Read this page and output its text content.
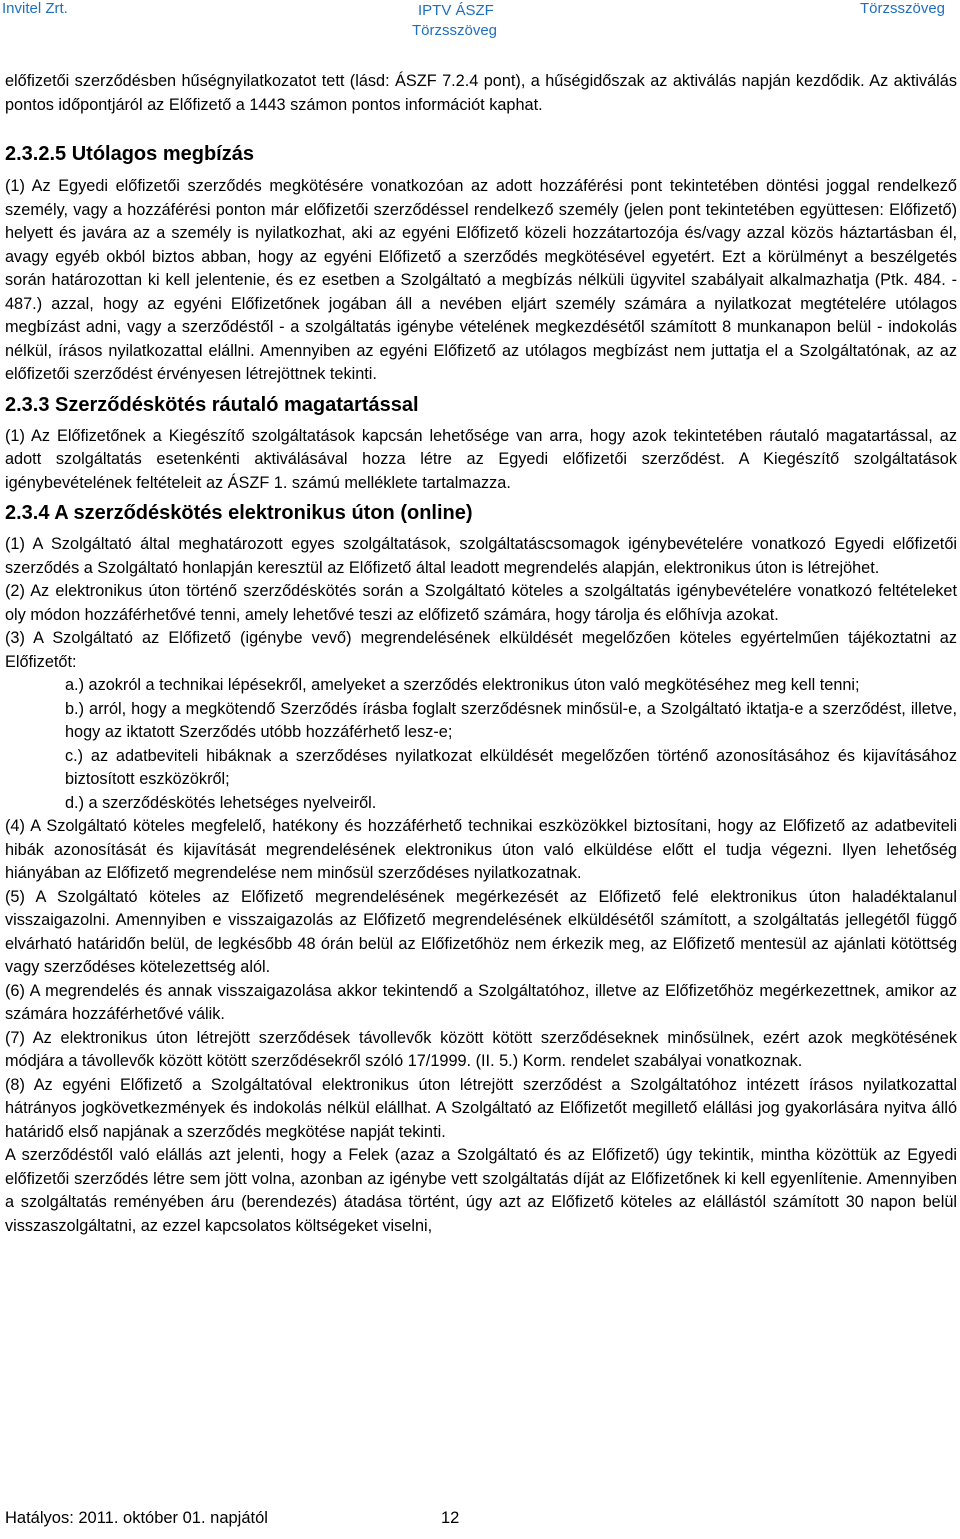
Invitel Zrt.	IPTV ÁSZF
Törzsszöveg
Törzsszöveg

előfizetői szerződésben hűségnyilatkozatot tett (lásd: ÁSZF 7.2.4 pont), a hűségidőszak az aktiválás napján kezdődik. Az aktiválás pontos időpontjáról az Előfizető a 1443 számon pontos információt kaphat.

2.3.2.5 Utólagos megbízás

(1) Az Egyedi előfizetői szerződés megkötésére vonatkozóan az adott hozzáférési pont tekintetében döntési joggal rendelkező személy, vagy a hozzáférési ponton már előfizetői szerződéssel rendelkező személy (jelen pont tekintetében együttesen: Előfizető) helyett és javára az a személy is nyilatkozhat, aki az egyéni Előfizető közeli hozzátartozója és/vagy azzal közös háztartásban él, avagy egyéb okból biztos abban, hogy az egyéni Előfizető a szerződés megkötésével egyetért. Ezt a körülményt a beszélgetés során határozottan ki kell jelentenie, és ez esetben a Szolgáltató a megbízás nélküli ügyvitel szabályait alkalmazhatja (Ptk. 484. - 487.) azzal, hogy az egyéni Előfizetőnek jogában áll a nevében eljárt személy számára a nyilatkozat megtételére utólagos megbízást adni, vagy a szerződéstől - a szolgáltatás igénybe vételének megkezdésétől számított 8 munkanapon belül - indokolás nélkül, írásos nyilatkozattal elállni. Amennyiben az egyéni Előfizető az utólagos megbízást nem juttatja el a Szolgáltatónak, az az előfizetői szerződést érvényesen létrejöttnek tekinti.

2.3.3 Szerződéskötés ráutaló magatartással

(1) Az Előfizetőnek a Kiegészítő szolgáltatások kapcsán lehetősége van arra, hogy azok tekintetében ráutaló magatartással, az adott szolgáltatás esetenkénti aktiválásával hozza létre az Egyedi előfizetői szerződést. A Kiegészítő szolgáltatások igénybevételének feltételeit az ÁSZF 1. számú melléklete tartalmazza.

2.3.4 A szerződéskötés elektronikus úton (online)

(1) A Szolgáltató által meghatározott egyes szolgáltatások, szolgáltatáscsomagok igénybevételére vonatkozó Egyedi előfizetői szerződés a Szolgáltató honlapján keresztül az Előfizető által leadott megrendelés alapján, elektronikus úton is létrejöhet.

(2) Az elektronikus úton történő szerződéskötés során a Szolgáltató köteles a szolgáltatás igénybevételére vonatkozó feltételeket oly módon hozzáférhetővé tenni, amely lehetővé teszi az előfizető számára, hogy tárolja és előhívja azokat.

(3) A Szolgáltató az Előfizető (igénybe vevő) megrendelésének elküldését megelőzően köteles egyértelműen tájékoztatni az Előfizetőt:

a.) azokról a technikai lépésekről, amelyeket a szerződés elektronikus úton való megkötéséhez meg kell tenni;

b.) arról, hogy a megkötendő Szerződés írásba foglalt szerződésnek minősül-e, a Szolgáltató iktatja-e a szerződést, illetve, hogy az iktatott Szerződés utóbb hozzáférhető lesz-e;

c.) az adatbeviteli hibáknak a szerződéses nyilatkozat elküldését megelőzően történő azonosításához és kijavításához biztosított eszközökről;

d.) a szerződéskötés lehetséges nyelveiről.

(4) A Szolgáltató köteles megfelelő, hatékony és hozzáférhető technikai eszközökkel biztosítani, hogy az Előfizető az adatbeviteli hibák azonosítását és kijavítását megrendelésének elektronikus úton való elküldése előtt el tudja végezni. Ilyen lehetőség hiányában az Előfizető megrendelése nem minősül szerződéses nyilatkozatnak.

(5) A Szolgáltató köteles az Előfizető megrendelésének megérkezését az Előfizető felé elektronikus úton haladéktalanul visszaigazolni. Amennyiben e visszaigazolás az Előfizető megrendelésének elküldésétől számított, a szolgáltatás jellegétől függő elvárható határidőn belül, de legkésőbb 48 órán belül az Előfizetőhöz nem érkezik meg, az Előfizető mentesül az ajánlati kötöttség vagy szerződéses kötelezettség alól.

(6) A megrendelés és annak visszaigazolása akkor tekintendő a Szolgáltatóhoz, illetve az Előfizetőhöz megérkezettnek, amikor az számára hozzáférhetővé válik.

(7) Az elektronikus úton létrejött szerződések távollevők között kötött szerződéseknek minősülnek, ezért azok megkötésének módjára a távollevők között kötött szerződésekről szóló 17/1999. (II. 5.) Korm. rendelet szabályai vonatkoznak.

(8) Az egyéni Előfizető a Szolgáltatóval elektronikus úton létrejött szerződést a Szolgáltatóhoz intézett írásos nyilatkozattal hátrányos jogkövetkezmények és indokolás nélkül elállhat. A Szolgáltató az Előfizetőt megillető elállási jog gyakorlására nyitva álló határidő első napjának a szerződés megkötése napját tekinti.

A szerződéstől való elállás azt jelenti, hogy a Felek (azaz a Szolgáltató és az Előfizető) úgy tekintik, mintha közöttük az Egyedi előfizetői szerződés létre sem jött volna, azonban az igénybe vett szolgáltatás díját az Előfizetőnek ki kell egyenlítenie. Amennyiben a szolgáltatás reményében áru (berendezés) átadása történt, úgy azt az Előfizető köteles az elállástól számított 30 napon belül visszaszolgáltatni, az ezzel kapcsolatos költségeket viselni,

Hatályos: 2011. október 01. napjától	12
